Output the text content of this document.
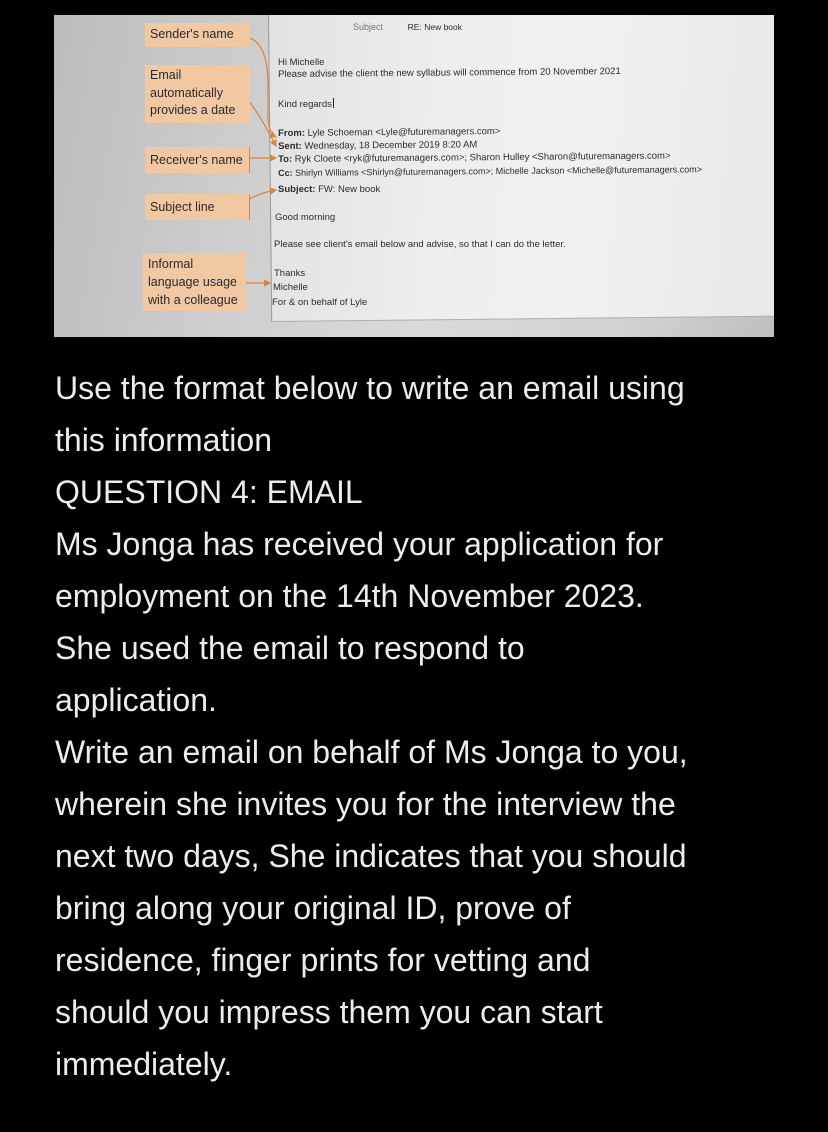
Sender's name
Email
automatically
provides a date
Receiver's name
Subject line
Informal
language usage
with a colleague
Subject	RE: New book
Hi Michelle
Please advise the client the new syllabus will commence from 20 November 2021
Kind regards
From: Lyle Schoeman <Lyle@futuremanagers.com>
Sent: Wednesday, 18 December 2019 8:20 AM
To: Ryk Cloete <ryk@futuremanagers.com>; Sharon Hulley <Sharon@futuremanagers.com>
Cc: Shirlyn Williams <Shirlyn@futuremanagers.com>; Michelle Jackson <Michelle@futuremanagers.com>
Subject: FW: New book
Good morning
Please see client's email below and advise, so that I can do the letter.
Thanks
Michelle
For & on behalf of Lyle

Use the format below to write an email using

this information

QUESTION 4: EMAIL

Ms Jonga has received your application for

employment on the 14th November 2023.

She used the email to respond to

application.

Write an email on behalf of Ms Jonga to you,

wherein she invites you for the interview the

next two days, She indicates that you should

bring along your original ID, prove of

residence, finger prints for vetting and

should you impress them you can start

immediately.
